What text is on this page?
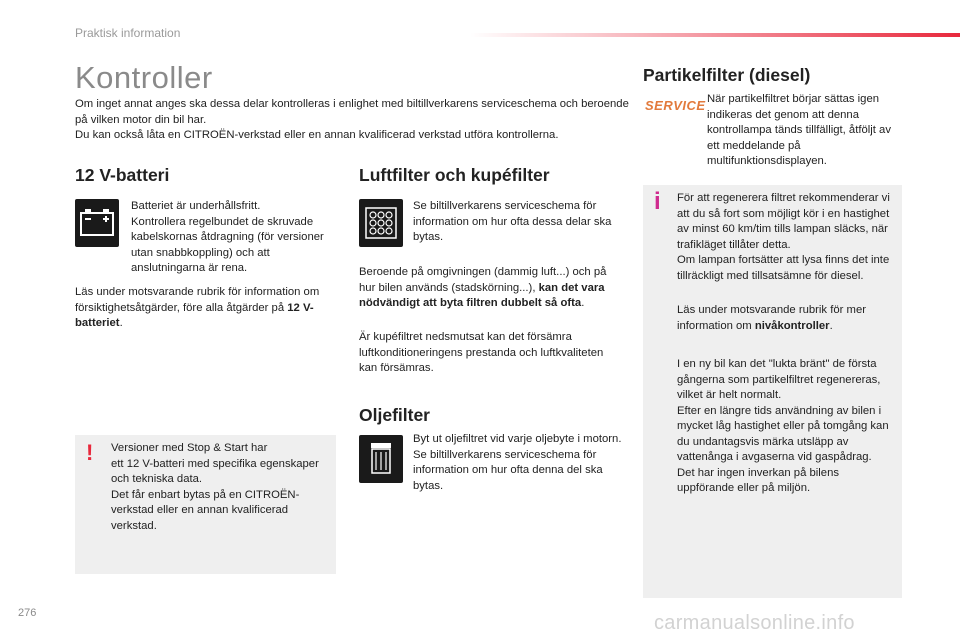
Praktisk information
Kontroller

Om inget annat anges ska dessa delar kontrolleras i enlighet med biltillverkarens serviceschema och beroende på vilken motor din bil har.

Du kan också låta en CITROËN-verkstad eller en annan kvalificerad verkstad utföra kontrollerna.

12 V-batteri
Batteriet är underhållsfritt.
Kontrollera regelbundet de skruvade kabelskornas åtdragning (för versioner utan snabbkoppling) och att anslutningarna är rena.
Läs under motsvarande rubrik för information om försiktighetsåtgärder, före alla åtgärder på 12 V-batteriet.
! Versioner med Stop & Start har
ett 12 V-batteri med specifika egenskaper och tekniska data.
Det får enbart bytas på en CITROËN-verkstad eller en annan kvalificerad verkstad.
Luftfilter och kupéfilter
Se biltillverkarens serviceschema för information om hur ofta dessa delar ska bytas.
Beroende på omgivningen (dammig luft...) och på hur bilen används (stadskörning...), kan det vara nödvändigt att byta filtren dubbelt så ofta.
Är kupéfiltret nedsmutsat kan det försämra luftkonditioneringens prestanda och luftkvaliteten kan försämras.
Oljefilter
Byt ut oljefiltret vid varje oljebyte i motorn.
Se biltillverkarens serviceschema för information om hur ofta denna del ska bytas.
Partikelfilter (diesel)
SERVICE När partikelfiltret börjar sättas igen indikeras det genom att denna kontrollampa tänds tillfälligt, åtföljt av ett meddelande på multifunktionsdisplayen.
i För att regenerera filtret rekommenderar vi att du så fort som möjligt kör i en hastighet av minst 60 km/tim tills lampan släcks, när trafikläget tillåter detta.
Om lampan fortsätter att lysa finns det inte tillräckligt med tillsatsämne för diesel.
Läs under motsvarande rubrik för mer information om nivåkontroller.
I en ny bil kan det "lukta bränt" de första gångerna som partikelfiltret regenereras, vilket är helt normalt.
Efter en längre tids användning av bilen i mycket låg hastighet eller på tomgång kan du undantagsvis märka utsläpp av vattenånga i avgaserna vid gaspådrag.
Det har ingen inverkan på bilens uppförande eller på miljön.
276	carmanualsonline.info
